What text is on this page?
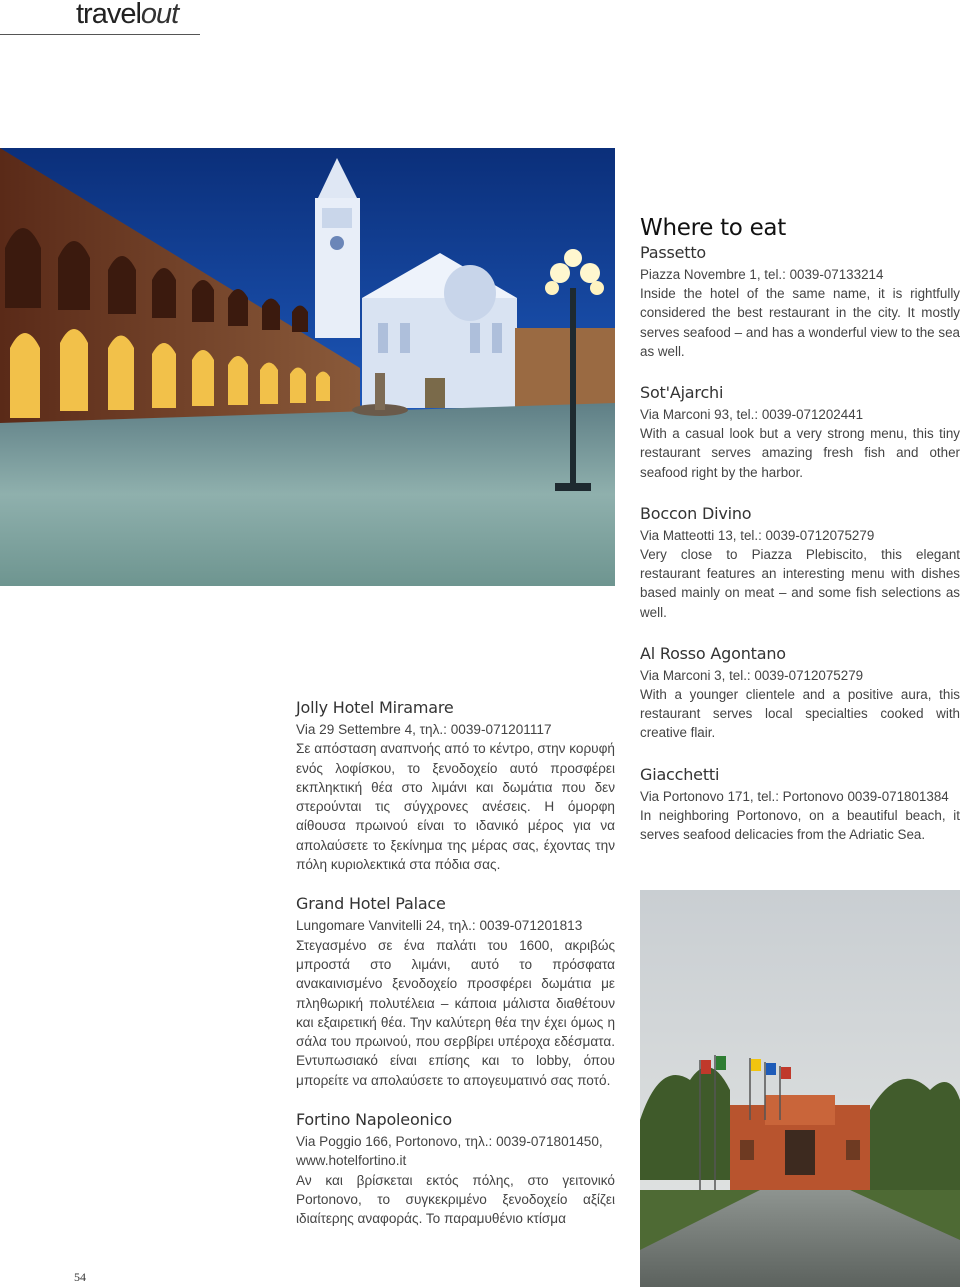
travelout
Where to eat
Passetto

Piazza Novembre 1, tel.: 0039-07133214

Inside the hotel of the same name, it is rightfully considered the best restaurant in the city. It mostly serves seafood – and has a wonderful view to the sea as well.

Sot'Ajarchi

Via Marconi 93, tel.: 0039-071202441

With a casual look but a very strong menu, this tiny restaurant serves amazing fresh fish and other seafood right by the harbor.

Boccon Divino

Via Matteotti 13, tel.: 0039-0712075279

Very close to Piazza Plebiscito, this elegant restaurant features an interesting menu with dishes based mainly on meat – and some fish selections as well.

Al Rosso Agontano

Via Marconi 3, tel.: 0039-0712075279

With a younger clientele and a positive aura, this restaurant serves local specialties cooked with creative flair.

Giacchetti

Via Portonovo 171, tel.: Portonovo 0039-071801384

In neighboring Portonovo, on a beautiful beach, it serves seafood delicacies from the Adriatic Sea.

Jolly Hotel Miramare

Via 29 Settembre 4, τηλ.: 0039-071201117

Σε απόσταση αναπνοής από το κέντρο, στην κορυφή ενός λοφίσκου, το ξενοδοχείο αυτό προσφέρει εκπληκτική θέα στο λιμάνι και δωμάτια που δεν στερούνται τις σύγχρονες ανέσεις. Η όμορφη αίθουσα πρωινού είναι το ιδανικό μέρος για να απολαύσετε το ξεκίνημα της μέρας σας, έχοντας την πόλη κυριολεκτικά στα πόδια σας.

Grand Hotel Palace

Lungomare Vanvitelli 24, τηλ.: 0039-071201813

Στεγασμένο σε ένα παλάτι του 1600, ακριβώς μπροστά στο λιμάνι, αυτό το πρόσφατα ανακαινισμένο ξενοδοχείο προσφέρει δωμάτια με πληθωρική πολυτέλεια – κάποια μάλιστα διαθέτουν και εξαιρετική θέα. Την καλύτερη θέα την έχει όμως η σάλα του πρωινού, που σερβίρει υπέροχα εδέσματα. Εντυπωσιακό είναι επίσης και το lobby, όπου μπορείτε να απολαύσετε το απογευματινό σας ποτό.

Fortino Napoleonico

Via Poggio 166, Portonovo, τηλ.: 0039-071801450, www.hotelfortino.it

Αν και βρίσκεται εκτός πόλης, στο γειτονικό Portonovo, το συγκεκριμένο ξενοδοχείο αξίζει ιδιαίτερης αναφοράς. Το παραμυθένιο κτίσμα

54
